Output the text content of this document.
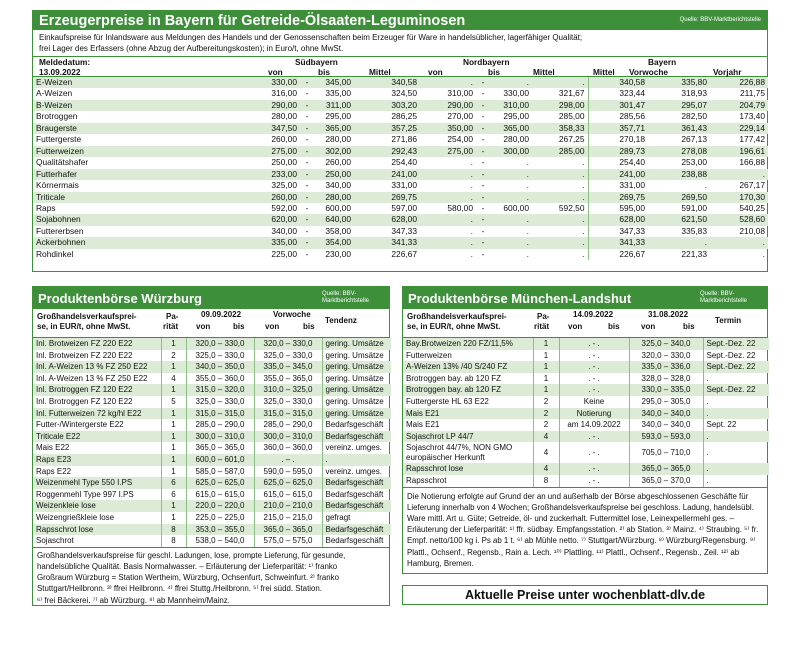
Erzeugerpreise in Bayern für Getreide-Ölsaaten-Leguminosen	Quelle: BBV-Marktberichtstelle
Einkaufspreise für Inlandsware aus Meldungen des Handels und der Genossenschaften beim Erzeuger für Ware in handelsüblicher, lagerfähiger Qualität;
frei Lager des Erfassers (ohne Abzug der Aufbereitungskosten); in Euro/t, ohne MwSt.
Meldedatum:
13.09.2022
Südbayern
von	bis	Mittel
Nordbayern
von	bis	Mittel
Bayern
Mittel Vorwoche	Vorjahr
E-Weizen	330,00	-	345,00	340,58	.	-	.	.	340,58	335,80	226,88
A-Weizen	316,00	-	335,00	324,50	310,00	-	330,00	321,67	323,44	318,93	211,75
B-Weizen	290,00	-	311,00	303,20	290,00	-	310,00	298,00	301,47	295,07	204,79
Brotroggen	280,00	-	295,00	286,25	270,00	-	295,00	285,00	285,56	282,50	173,40
Braugerste	347,50	-	365,00	357,25	350,00	-	365,00	358,33	357,71	361,43	229,14
Futtergerste	260,00	-	280,00	271,86	254,00	-	280,00	267,25	270,18	267,13	177,42
Futterweizen	275,00	-	302,00	292,43	275,00	-	300,00	285,00	289,73	278,08	196,61
Qualitätshafer	250,00	-	260,00	254,40	.	-	.	.	254,40	253,00	166,88
Futterhafer	233,00	-	250,00	241,00	.	-	.	.	241,00	238,88	.
Körnermais	325,00	-	340,00	331,00	.	-	.	.	331,00	.	267,17
Triticale	260,00	-	280,00	269,75	.	-	.	.	269,75	269,50	170,30
Raps	592,00	-	600,00	597,00	580,00	-	600,00	592,50	595,00	591,00	540,25
Sojabohnen	620,00	-	640,00	628,00	.	-	.	.	628,00	621,50	528,60
Futtererbsen	340,00	-	358,00	347,33	.	-	.	.	347,33	335,83	210,08
Ackerbohnen	335,00	-	354,00	341,33	.	-	.	.	341,33	.	.
Rohdinkel	225,00	-	230,00	226,67	.	-	.	.	226,67	221,33	.
Produktenbörse Würzburg	Quelle: BBV-Marktberichtstelle
Großhandelsverkaufsprei-
se, in EUR/t, ohne MwSt.
Pa-
rität
09.09.2022
von	bis
Vorwoche
von	bis
Tendenz
Inl. Brotweizen FZ 220 E22	1	320,0 – 330,0	320,0 – 330,0	gering. Umsätze
Inl. Brotweizen FZ 220 E22	2	325,0 – 330,0	325,0 – 330,0	gering. Umsätze
Inl. A-Weizen 13 % FZ 250 E22	1	340,0 – 350,0	335,0 – 345,0	gering. Umsätze
Inl. A-Weizen 13 % FZ 250 E22	4	355,0 – 360,0	355,0 – 365,0	gering. Umsätze
Inl. Brotroggen FZ 120 E22	1	315,0 – 320,0	310,0 – 325,0	gering. Umsätze
Inl. Brotroggen FZ 120 E22	5	325,0 – 330,0	325,0 – 330,0	gering. Umsätze
Inl. Futterweizen 72 kg/hl E22	1	315,0 – 315,0	315,0 – 315,0	gering. Umsätze
Futter-/Wintergerste E22	1	285,0 – 290,0	285,0 – 290,0	Bedarfsgeschäft
Triticale E22	1	300,0 – 310,0	300,0 – 310,0	Bedarfsgeschäft
Mais E22	1	365,0 – 365,0	360,0 – 360,0	vereinz. umges.
Raps E23	1	600,0 – 601,0	. – .	.
Raps E22	1	585,0 – 587,0	590,0 – 595,0	vereinz. umges.
Weizenmehl Type 550 I.PS	6	625,0 – 625,0	625,0 – 625,0	Bedarfsgeschäft
Roggenmehl Type 997 I.PS	6	615,0 – 615,0	615,0 – 615,0	Bedarfsgeschäft
Weizenkleie lose	1	220,0 – 220,0	210,0 – 210,0	Bedarfsgeschäft
Weizengrießkleie lose	1	225,0 – 225,0	215,0 – 215,0	gefragt
Rapsschrot lose	8	353,0 – 355,0	365,0 – 365,0	Bedarfsgeschäft
Sojaschrot	8	538,0 – 540,0	575,0 – 575,0	Bedarfsgeschäft
Großhandelsverkaufspreise für geschl. Ladungen, lose, prompte Lieferung, für gesunde,
handelsübliche Qualität. Basis Normalwasser. – Erläuterung der Lieferparität: ¹⁾ franko
Großraum Würzburg = Station Wertheim, Würzburg, Ochsenfurt, Schweinfurt. ²⁾ franko
Stuttgart/Heilbronn. ³⁾ ffrei Heilbronn. ⁴⁾ ffrei Stuttg./Heilbronn. ⁵⁾ frei südd. Station.
⁶⁾ frei Bäckerei. ⁷⁾ ab Würzburg. ⁸⁾ ab Mannheim/Mainz.
Produktenbörse München-Landshut	Quelle: BBV-Marktberichtstelle
Großhandelsverkaufsprei-
se, in EUR/t, ohne MwSt.
Pa-
rität
14.09.2022
von	bis
31.08.2022
von	bis
Termin
Bay.Brotweizen 220 FZ/11,5%	1	. - .	325,0 – 340,0	Sept.-Dez. 22
Futterweizen	1	. - .	320,0 – 330,0	Sept.-Dez. 22
A-Weizen 13% /40 S/240 FZ	1	. - .	335,0 – 336,0	Sept.-Dez. 22
Brotroggen bay. ab 120 FZ	1	. - .	328,0 – 328,0	.
Brotroggen bay. ab 120 FZ	1	. - .	330,0 – 335,0	Sept.-Dez. 22
Futtergerste HL 63 E22	2	Keine	295,0 – 305,0	.
Mais E21	2	Notierung	340,0 – 340,0	.
Mais E21	2	am 14.09.2022	340,0 – 340,0	Sept. 22
Sojaschrot LP 44/7	4	. - .	593,0 – 593,0	.
Sojaschrot 44/7%, NON GMO europäischer Herkunft	4	. - .	705,0 – 710,0	.
Rapsschrot lose	4	. - .	365,0 – 365,0	.
Rapsschrot	8	. - .	365,0 – 370,0	.
Die Notierung erfolgte auf Grund der an und außerhalb der Börse abgeschlossenen Geschäfte für Lieferung innerhalb von 4 Wochen; Großhandelsverkaufspreise bei geschloss. Ladung, handelsübl. Ware mittl. Art u. Güte; Getreide, öl- und zuckerhalt. Futtermittel lose, Leinexpellermehl ges. – Erläuterung der Lieferparität: ¹⁾ ffr. südbay. Empfangsstation. ²⁾ ab Station. ³⁾ Mainz. ⁴⁾ Straubing. ⁵⁾ fr. Empf. netto/100 kg i. Ps ab 1 t. ⁶⁾ ab Mühle netto. ⁷⁾ Stuttgart/Würzburg. ⁸⁾ Würzburg/Regensburg. ⁹⁾ Plattl., Ochsenf., Regensb., Rain a. Lech. ¹⁰⁾ Plattling. ¹¹⁾ Plattl., Ochsenf., Regensb., Zeil. ¹²⁾ ab Hamburg, Bremen.
Aktuelle Preise unter wochenblatt-dlv.de
